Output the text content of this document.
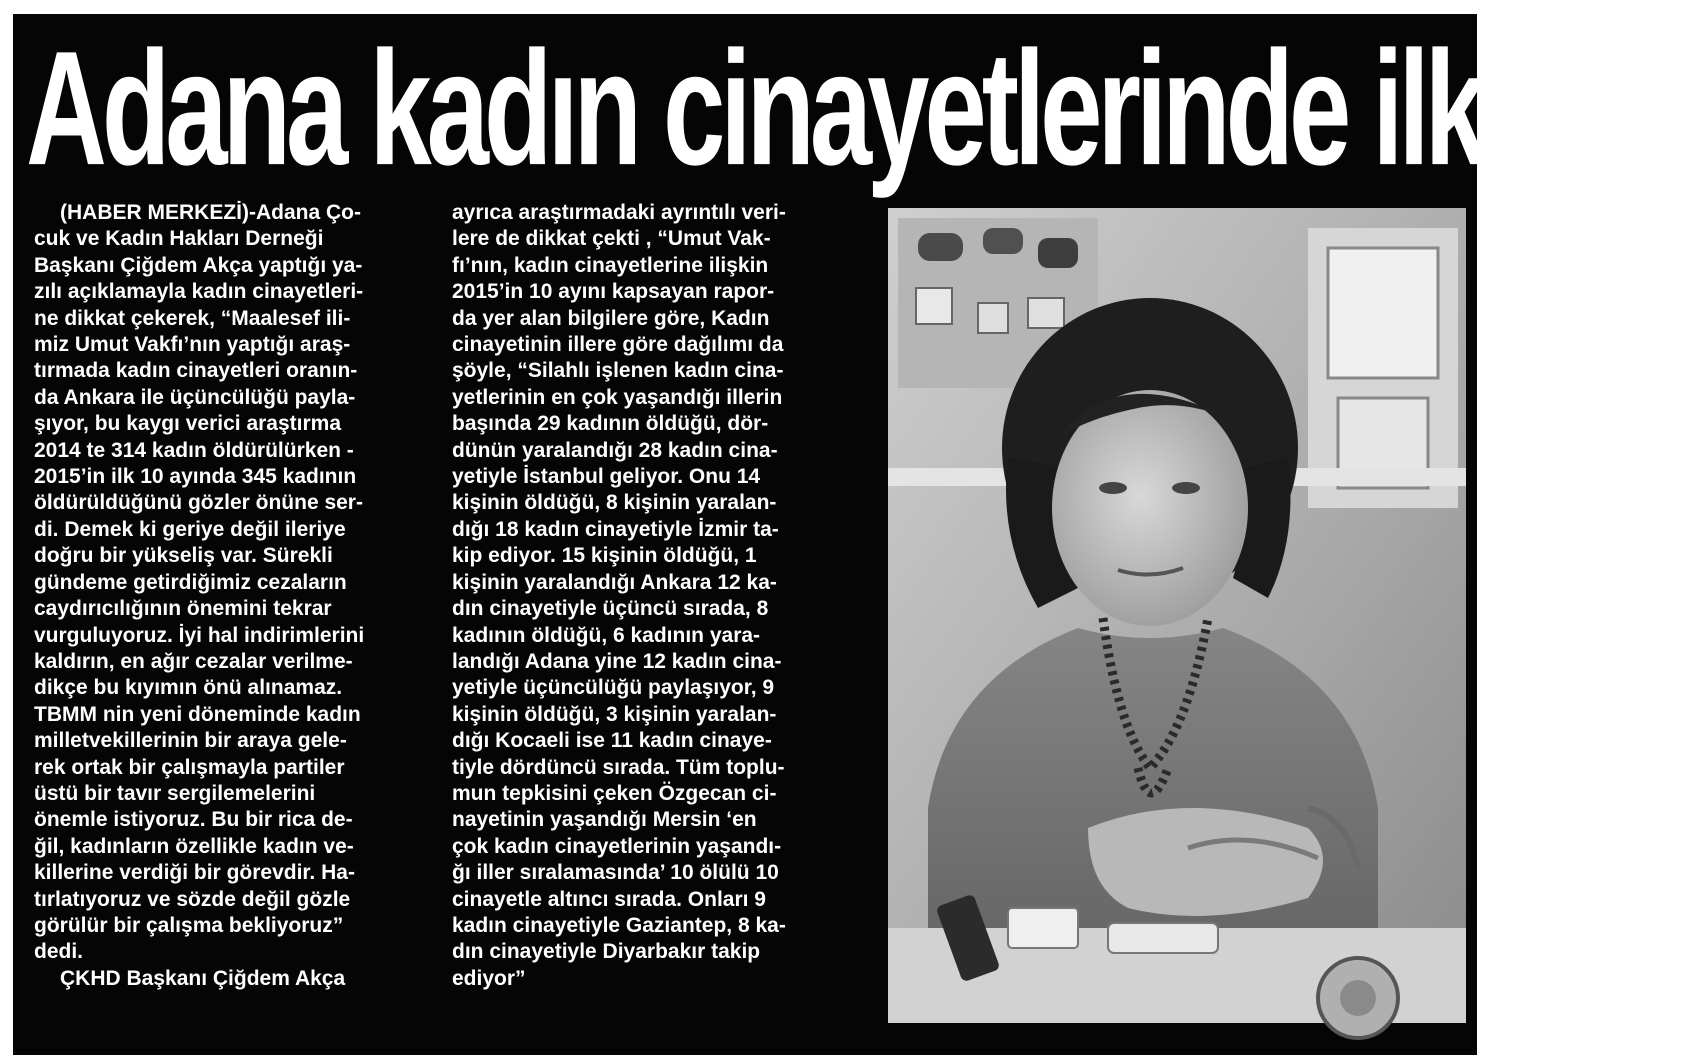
Adana kadın cinayetlerinde ilk 3’te

(HABER MERKEZİ)-Adana Ço-
cuk ve Kadın Hakları Derneği
Başkanı Çiğdem Akça yaptığı ya-
zılı açıklamayla kadın cinayetleri-
ne dikkat çekerek, “Maalesef ili-
miz Umut Vakfı’nın yaptığı araş-
tırmada kadın cinayetleri oranın-
da Ankara ile üçüncülüğü payla-
şıyor, bu kaygı verici araştırma
2014 te 314 kadın öldürülürken -
2015’in ilk 10 ayında 345 kadının
öldürüldüğünü gözler önüne ser-
di. Demek ki geriye değil ileriye
doğru bir yükseliş var. Sürekli
gündeme getirdiğimiz cezaların
caydırıcılığının önemini tekrar
vurguluyoruz. İyi hal indirimlerini
kaldırın, en ağır cezalar verilme-
dikçe bu kıyımın önü alınamaz.
TBMM nin yeni döneminde kadın
milletvekillerinin bir araya gele-
rek ortak bir çalışmayla partiler
üstü bir tavır sergilemelerini
önemle istiyoruz. Bu bir rica de-
ğil, kadınların özellikle kadın ve-
killerine verdiği bir görevdir. Ha-
tırlatıyoruz ve sözde değil gözle
görülür bir çalışma bekliyoruz”
dedi.

ÇKHD Başkanı Çiğdem Akça

ayrıca araştırmadaki ayrıntılı veri-
lere de dikkat çekti , “Umut Vak-
fı’nın, kadın cinayetlerine ilişkin
2015’in 10 ayını kapsayan rapor-
da yer alan bilgilere göre, Kadın
cinayetinin illere göre dağılımı da
şöyle, “Silahlı işlenen kadın cina-
yetlerinin en çok yaşandığı illerin
başında 29 kadının öldüğü, dör-
dünün yaralandığı 28 kadın cina-
yetiyle İstanbul geliyor. Onu 14
kişinin öldüğü, 8 kişinin yaralan-
dığı 18 kadın cinayetiyle İzmir ta-
kip ediyor. 15 kişinin öldüğü, 1
kişinin yaralandığı Ankara 12 ka-
dın cinayetiyle üçüncü sırada, 8
kadının öldüğü, 6 kadının yara-
landığı Adana yine 12 kadın cina-
yetiyle üçüncülüğü paylaşıyor, 9
kişinin öldüğü, 3 kişinin yaralan-
dığı Kocaeli ise 11 kadın cinaye-
tiyle dördüncü sırada. Tüm toplu-
mun tepkisini çeken Özgecan ci-
nayetinin yaşandığı Mersin ‘en
çok kadın cinayetlerinin yaşandı-
ğı iller sıralamasında’ 10 ölülü 10
cinayetle altıncı sırada. Onları 9
kadın cinayetiyle Gaziantep, 8 ka-
dın cinayetiyle Diyarbakır takip
ediyor”
